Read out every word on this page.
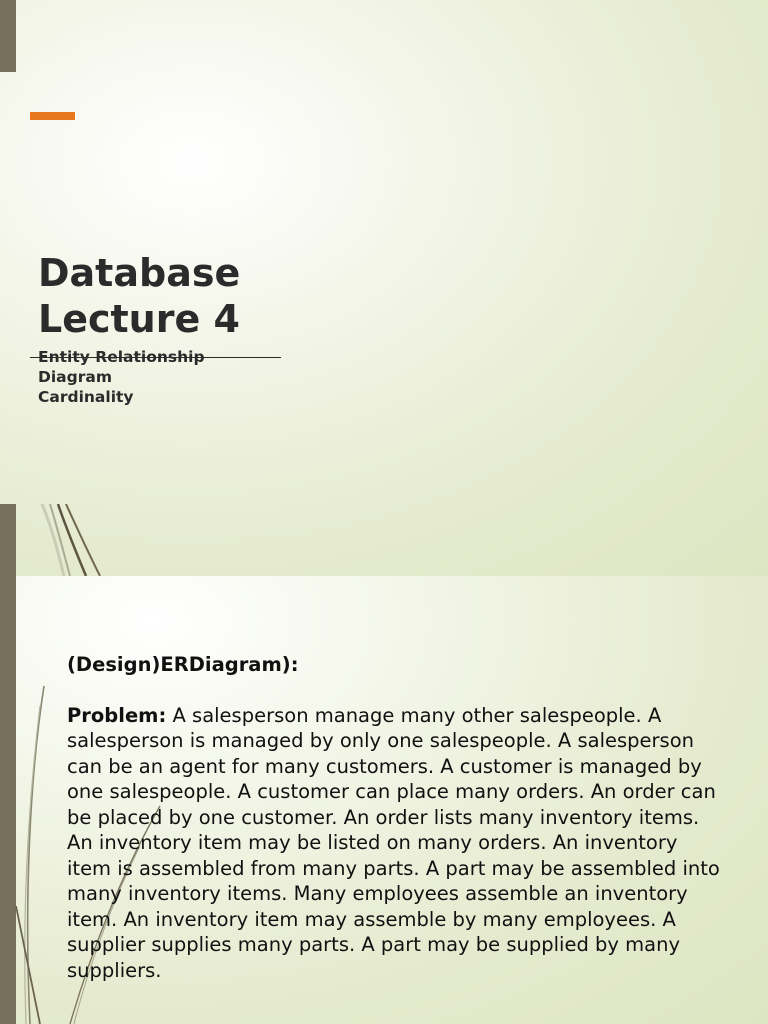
Database
Lecture 4
Entity Relationship
Diagram
Cardinality

(Design)ERDiagram):

Problem: A salesperson manage many other salespeople. A salesperson is managed by only one salespeople. A salesperson can be an agent for many customers. A customer is managed by one salespeople. A customer can place many orders. An order can be placed by one customer. An order lists many inventory items. An inventory item may be listed on many orders. An inventory item is assembled from many parts. A part may be assembled into many inventory items. Many employees assemble an inventory item. An inventory item may assemble by many employees. A supplier supplies many parts. A part may be supplied by many suppliers.
